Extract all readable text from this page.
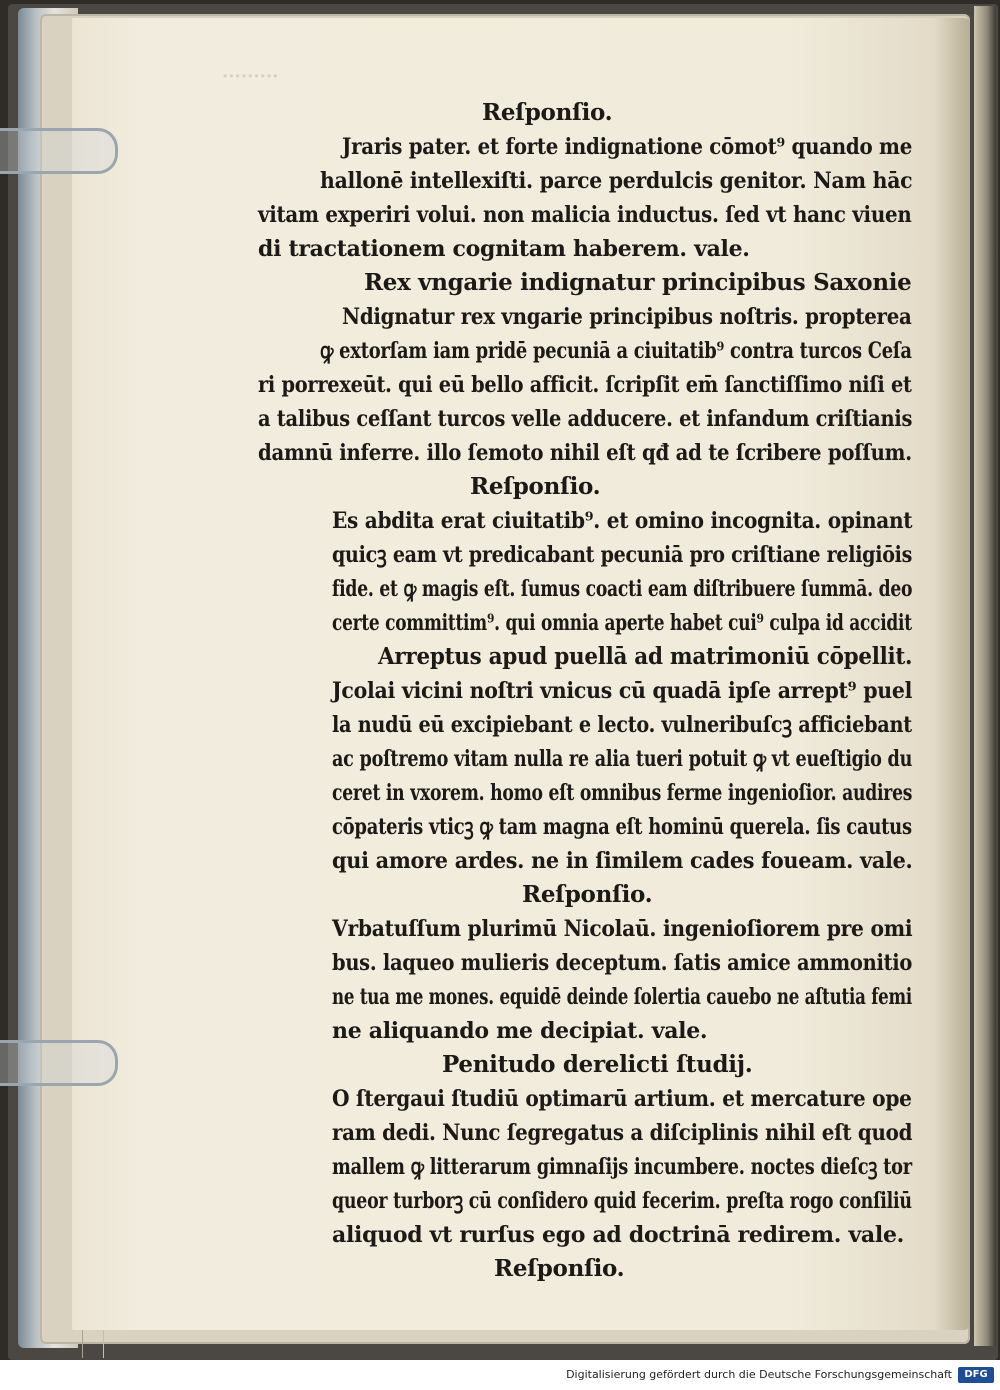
·········
Reſponſio.
Jraris pater. et forte indignatione cōmot⁹ quando me
hallonē intellexiſti. parce perdulcis genitor. Nam hāc
vitam experiri volui. non malicia inductus. ſed vt hanc viuen
di tractationem cognitam haberem. vale.
Rex vngarie indignatur principibus Saxonie
Ndignatur rex vngarie principibus noſtris. propterea
ꝙ extorſam iam pridē pecuniā a ciuitatib⁹ contra turcos Ceſa
ri porrexeūt. qui eū bello afficit. ſcripſit em̄ ſanctiſſimo niſi et
a talibus ceſſant turcos velle adducere. et infandum criſtianis
damnū inferre. illo ſemoto nihil eſt qđ ad te ſcribere poſſum.
Reſponſio.
Es abdita erat ciuitatib⁹. et omino incognita. opinant
quicꝫ eam vt predicabant pecuniā pro criſtiane religiōis
fide. et ꝙ magis eſt. ſumus coacti eam diſtribuere ſummā. deo
certe committim⁹. qui omnia aperte habet cui⁹ culpa id accidit
Arreptus apud puellā ad matrimoniū cōpellit.
Jcolai vicini noſtri vnicus cū quadā ipſe arrept⁹ puel
la nudū eū excipiebant e lecto. vulneribuſcꝫ afficiebant
ac poſtremo vitam nulla re alia tueri potuit ꝙ vt eueſtigio du
ceret in vxorem. homo eſt omnibus ferme ingenioſior. audires
cōpateris vticꝫ ꝙ tam magna eſt hominū querela. ſis cautus
qui amore ardes. ne in ſimilem cades foueam. vale.
Reſponſio.
Vrbatuſſum plurimū Nicolaū. ingenioſiorem pre omi
bus. laqueo mulieris deceptum. ſatis amice ammonitio
ne tua me mones. equidē deinde ſolertia cauebo ne aſtutia femi
ne aliquando me decipiat. vale.
Penitudo derelicti ſtudij.
O ſtergaui ſtudiū optimarū artium. et mercature ope
ram dedi. Nunc ſegregatus a diſciplinis nihil eſt quod
mallem ꝙ litterarum gimnaſijs incumbere. noctes dieſcꝫ tor
queor turborꝫ cū conſidero quid fecerim. preſta rogo conſiliū
aliquod vt rurſus ego ad doctrinā redirem. vale.
Reſponſio.
Digitalisierung gefördert durch die Deutsche Forschungsgemeinschaft	DFG
